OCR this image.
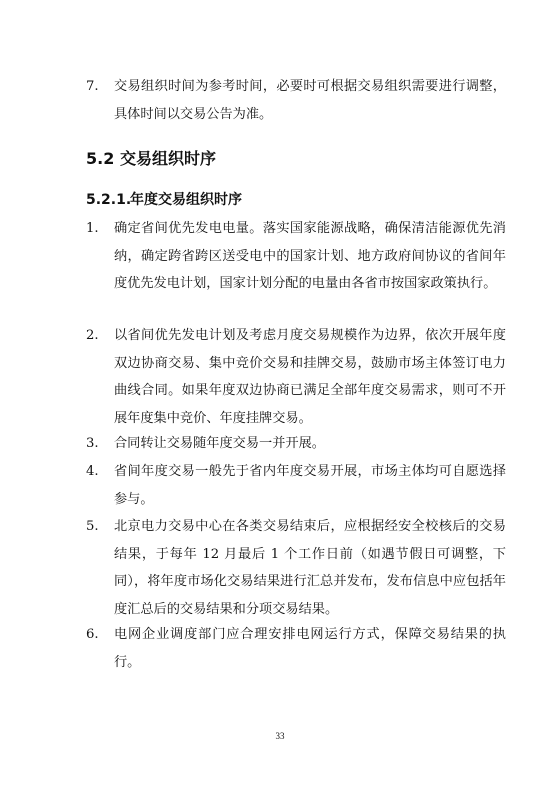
7.	交易组织时间为参考时间，必要时可根据交易组织需要进行调整，具体时间以交易公告为准。
5.2 交易组织时序
5.2.1.年度交易组织时序
1.	确定省间优先发电电量。落实国家能源战略，确保清洁能源优先消纳，确定跨省跨区送受电中的国家计划、地方政府间协议的省间年度优先发电计划，国家计划分配的电量由各省市按国家政策执行。
2.	以省间优先发电计划及考虑月度交易规模作为边界，依次开展年度双边协商交易、集中竞价交易和挂牌交易，鼓励市场主体签订电力曲线合同。如果年度双边协商已满足全部年度交易需求，则可不开展年度集中竞价、年度挂牌交易。
3.	合同转让交易随年度交易一并开展。
4.	省间年度交易一般先于省内年度交易开展，市场主体均可自愿选择参与。
5.	北京电力交易中心在各类交易结束后，应根据经安全校核后的交易结果，于每年 12 月最后 1 个工作日前（如遇节假日可调整，下同），将年度市场化交易结果进行汇总并发布，发布信息中应包括年度汇总后的交易结果和分项交易结果。
6.	电网企业调度部门应合理安排电网运行方式，保障交易结果的执行。
33
